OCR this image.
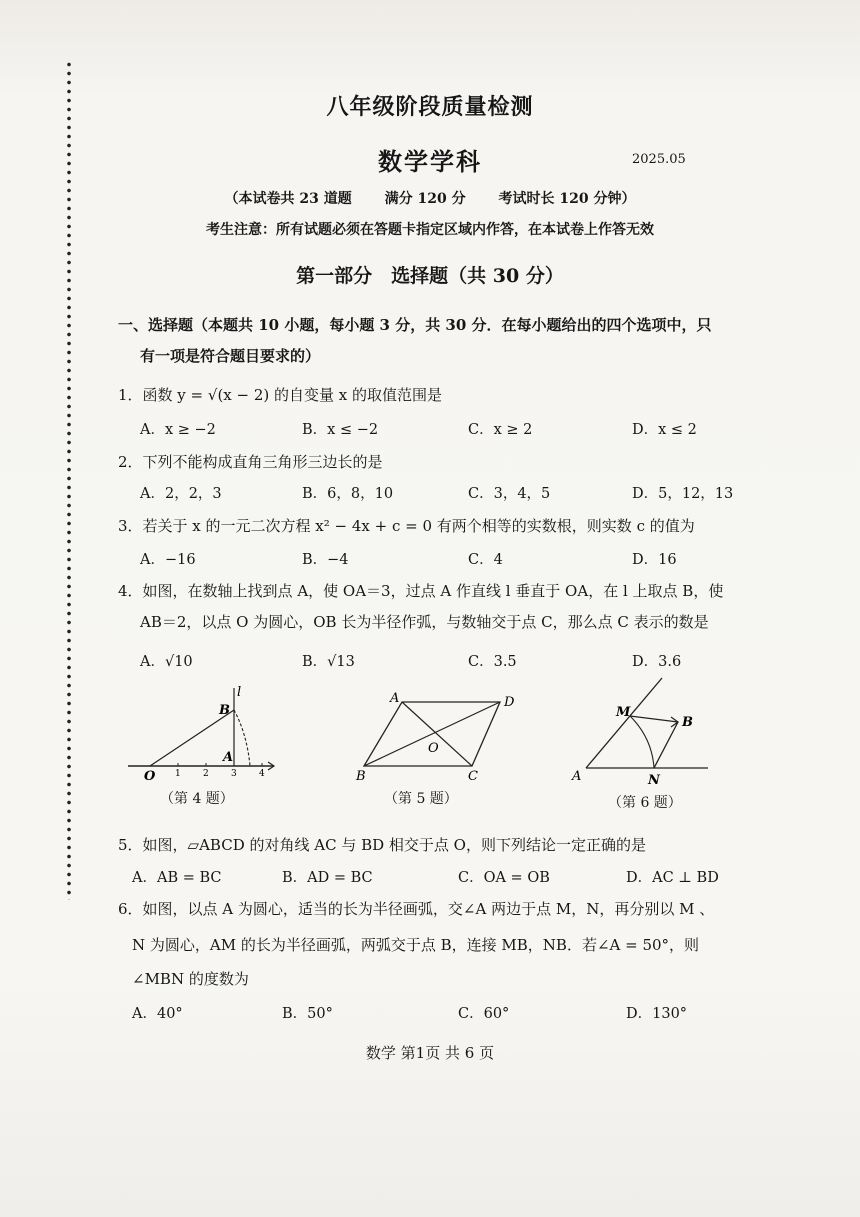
八年级阶段质量检测
数学学科	2025.05
（本试卷共 23 道题 满分 120 分 考试时长 120 分钟）
考生注意：所有试题必须在答题卡指定区域内作答，在本试卷上作答无效
第一部分　选择题（共 30 分）
一、选择题（本题共 10 小题，每小题 3 分，共 30 分．在每小题给出的四个选项中，只
有一项是符合题目要求的）
1．函数 y = √(x − 2) 的自变量 x 的取值范围是
A．x ≥ −2	B．x ≤ −2	C．x ≥ 2	D．x ≤ 2
2．下列不能构成直角三角形三边长的是
A．2，2，3	B．6，8，10	C．3，4，5	D．5，12，13
3．若关于 x 的一元二次方程 x² − 4x + c = 0 有两个相等的实数根，则实数 c 的值为
A．−16	B．−4	C．4	D．16
4．如图，在数轴上找到点 A，使 OA＝3，过点 A 作直线 l 垂直于 OA，在 l 上取点 B，使
AB＝2，以点 O 为圆心，OB 长为半径作弧，与数轴交于点 C，那么点 C 表示的数是
A．√10	B．√13	C．3.5	D．3.6
l
B
A
O 1 2 3 4
（第 4 题）
A	D
O
B	C
（第 5 题）
M
B
A	N
（第 6 题）
5．如图，▱ABCD 的对角线 AC 与 BD 相交于点 O，则下列结论一定正确的是
A．AB = BC	B．AD = BC	C．OA = OB	D．AC ⊥ BD
6．如图，以点 A 为圆心，适当的长为半径画弧，交∠A 两边于点 M，N，再分别以 M 、
N 为圆心，AM 的长为半径画弧，两弧交于点 B，连接 MB，NB．若∠A = 50°，则
∠MBN 的度数为
A．40°	B．50°	C．60°	D．130°
数学 第1页 共 6 页
